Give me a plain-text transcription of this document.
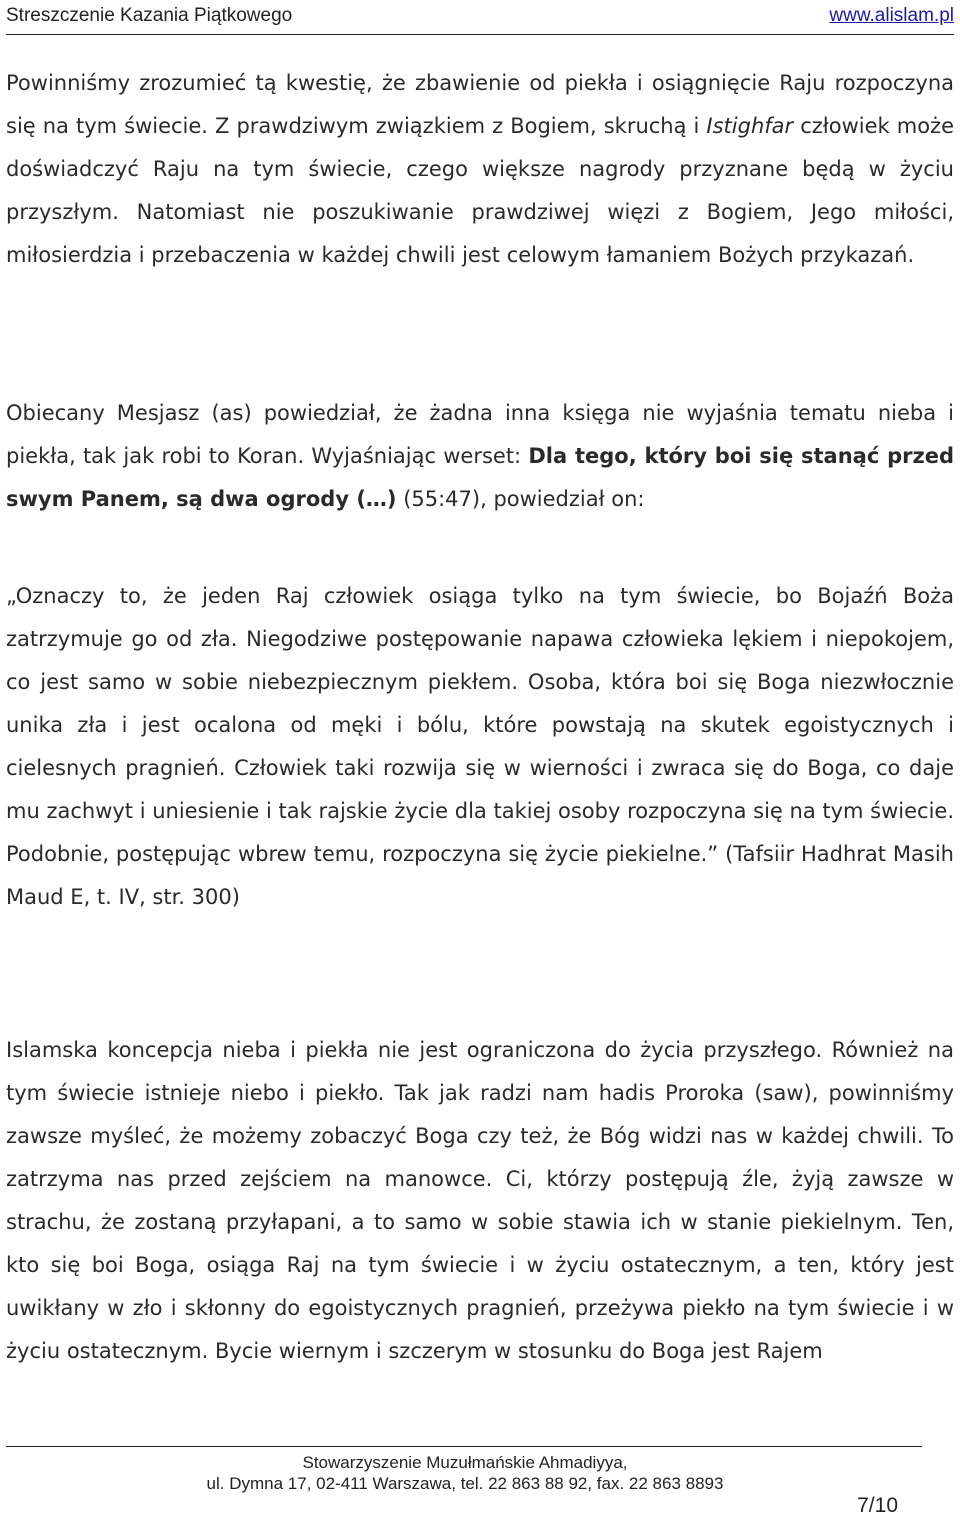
Streszczenie Kazania Piątkowego	www.alislam.pl

Powinniśmy zrozumieć tą kwestię, że zbawienie od piekła i osiągnięcie Raju rozpoczyna się na tym świecie. Z prawdziwym związkiem z Bogiem, skruchą i Istighfar człowiek może doświadczyć Raju na tym świecie, czego większe nagrody przyznane będą w życiu przyszłym. Natomiast nie poszukiwanie prawdziwej więzi z Bogiem, Jego miłości, miłosierdzia i przebaczenia w każdej chwili jest celowym łamaniem Bożych przykazań.

Obiecany Mesjasz (as) powiedział, że żadna inna księga nie wyjaśnia tematu nieba i piekła, tak jak robi to Koran. Wyjaśniając werset: Dla tego, który boi się stanąć przed swym Panem, są dwa ogrody (…) (55:47), powiedział on:

„Oznaczy to, że jeden Raj człowiek osiąga tylko na tym świecie, bo Bojaźń Boża zatrzymuje go od zła. Niegodziwe postępowanie napawa człowieka lękiem i niepokojem, co jest samo w sobie niebezpiecznym piekłem. Osoba, która boi się Boga niezwłocznie unika zła i jest ocalona od męki i bólu, które powstają na skutek egoistycznych i cielesnych pragnień. Człowiek taki rozwija się w wierności i zwraca się do Boga, co daje mu zachwyt i uniesienie i tak rajskie życie dla takiej osoby rozpoczyna się na tym świecie. Podobnie, postępując wbrew temu, rozpoczyna się życie piekielne.” (Tafsiir Hadhrat Masih Maud E, t. IV, str. 300)

Islamska koncepcja nieba i piekła nie jest ograniczona do życia przyszłego. Również na tym świecie istnieje niebo i piekło. Tak jak radzi nam hadis Proroka (saw), powinniśmy zawsze myśleć, że możemy zobaczyć Boga czy też, że Bóg widzi nas w każdej chwili. To zatrzyma nas przed zejściem na manowce. Ci, którzy postępują źle, żyją zawsze w strachu, że zostaną przyłapani, a to samo w sobie stawia ich w stanie piekielnym. Ten, kto się boi Boga, osiąga Raj na tym świecie i w życiu ostatecznym, a ten, który jest uwikłany w zło i skłonny do egoistycznych pragnień, przeżywa piekło na tym świecie i w życiu ostatecznym. Bycie wiernym i szczerym w stosunku do Boga jest Rajem

Stowarzyszenie Muzułmańskie Ahmadiyya,
ul. Dymna 17, 02-411 Warszawa, tel. 22 863 88 92, fax. 22 863 8893
7/10
